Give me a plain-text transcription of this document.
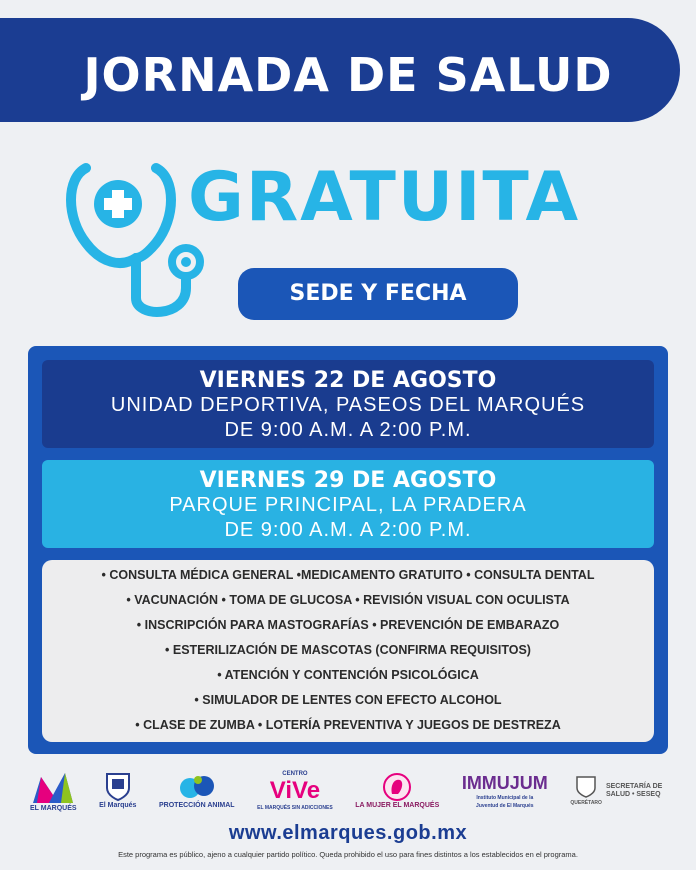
JORNADA DE SALUD
GRATUITA
SEDE Y FECHA
VIERNES 22 DE AGOSTO
UNIDAD DEPORTIVA, PASEOS DEL MARQUÉS
DE 9:00 A.M. A 2:00 P.M.
VIERNES 29 DE AGOSTO
PARQUE PRINCIPAL, LA PRADERA
DE 9:00 A.M. A 2:00 P.M.
• CONSULTA MÉDICA GENERAL •MEDICAMENTO GRATUITO • CONSULTA DENTAL
• VACUNACIÓN • TOMA DE GLUCOSA • REVISIÓN VISUAL CON OCULISTA
• INSCRIPCIÓN PARA MASTOGRAFÍAS • PREVENCIÓN DE EMBARAZO
• ESTERILIZACIÓN DE MASCOTAS (CONFIRMA REQUISITOS)
• ATENCIÓN Y CONTENCIÓN PSICOLÓGICA
• SIMULADOR DE LENTES CON EFECTO ALCOHOL
• CLASE DE ZUMBA • LOTERÍA PREVENTIVA Y JUEGOS DE DESTREZA
EL MARQUÉS	El Marqués	PROTECCIÓN ANIMAL
CENTRO
ViVe
EL MARQUÉS SIN ADICCIONES	LA MUJER EL MARQUÉS
IMMUJUM
Instituto Municipal de la Juventud de El Marqués	QUERÉTARO
SECRETARÍA DE SALUD • SESEQ
www.elmarques.gob.mx
Este programa es público, ajeno a cualquier partido político. Queda prohibido el uso para fines distintos a los establecidos en el programa.
